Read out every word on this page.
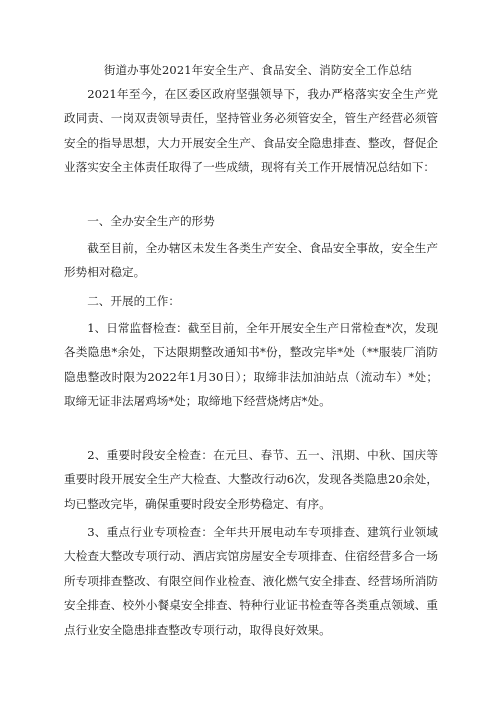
街道办事处2021年安全生产、食品安全、消防安全工作总结

2021年至今，在区委区政府坚强领导下，我办严格落实安全生产党政同责、一岗双责领导责任，坚持管业务必须管安全，管生产经营必须管安全的指导思想，大力开展安全生产、食品安全隐患排查、整改，督促企业落实安全主体责任取得了一些成绩，现将有关工作开展情况总结如下：

一、全办安全生产的形势

截至目前，全办辖区未发生各类生产安全、食品安全事故，安全生产形势相对稳定。

二、开展的工作：

1、日常监督检查：截至目前，全年开展安全生产日常检查*次，发现各类隐患*余处，下达限期整改通知书*份，整改完毕*处（**服装厂消防隐患整改时限为2022年1月30日）；取缔非法加油站点（流动车）*处；取缔无证非法屠鸡场*处；取缔地下经营烧烤店*处。

2、重要时段安全检查：在元旦、春节、五一、汛期、中秋、国庆等重要时段开展安全生产大检查、大整改行动6次，发现各类隐患20余处，均已整改完毕，确保重要时段安全形势稳定、有序。

3、重点行业专项检查：全年共开展电动车专项排查、建筑行业领域大检查大整改专项行动、酒店宾馆房屋安全专项排查、住宿经营多合一场所专项排查整改、有限空间作业检查、液化燃气安全排查、经营场所消防安全排查、校外小餐桌安全排查、特种行业证书检查等各类重点领域、重点行业安全隐患排查整改专项行动，取得良好效果。
